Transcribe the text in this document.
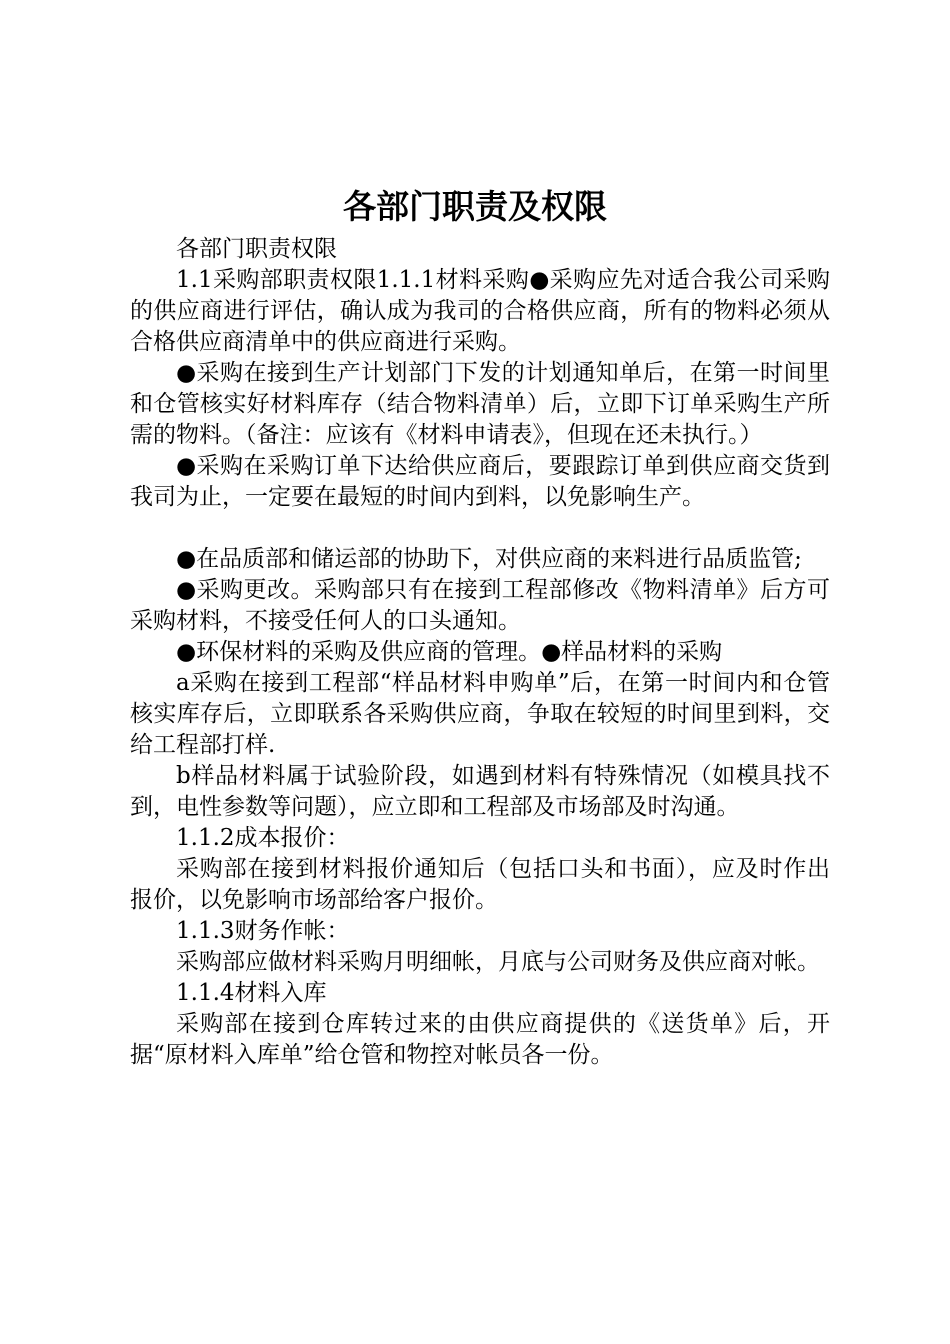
各部门职责及权限

各部门职责权限

1.1采购部职责权限1.1.1材料采购●采购应先对适合我公司采购的供应商进行评估，确认成为我司的合格供应商，所有的物料必须从合格供应商清单中的供应商进行采购。

●采购在接到生产计划部门下发的计划通知单后，在第一时间里和仓管核实好材料库存（结合物料清单）后，立即下订单采购生产所需的物料。（备注：应该有《材料申请表》，但现在还未执行。）

●采购在采购订单下达给供应商后，要跟踪订单到供应商交货到我司为止，一定要在最短的时间内到料，以免影响生产。

●在品质部和储运部的协助下，对供应商的来料进行品质监管;

●采购更改。采购部只有在接到工程部修改《物料清单》后方可采购材料，不接受任何人的口头通知。

●环保材料的采购及供应商的管理。●样品材料的采购

a采购在接到工程部“样品材料申购单”后，在第一时间内和仓管核实库存后，立即联系各采购供应商，争取在较短的时间里到料，交给工程部打样.

b样品材料属于试验阶段，如遇到材料有特殊情况（如模具找不到，电性参数等问题），应立即和工程部及市场部及时沟通。

1.1.2成本报价：

采购部在接到材料报价通知后（包括口头和书面），应及时作出报价，以免影响市场部给客户报价。

1.1.3财务作帐：

采购部应做材料采购月明细帐，月底与公司财务及供应商对帐。

1.1.4材料入库

采购部在接到仓库转过来的由供应商提供的《送货单》后，开据“原材料入库单”给仓管和物控对帐员各一份。
